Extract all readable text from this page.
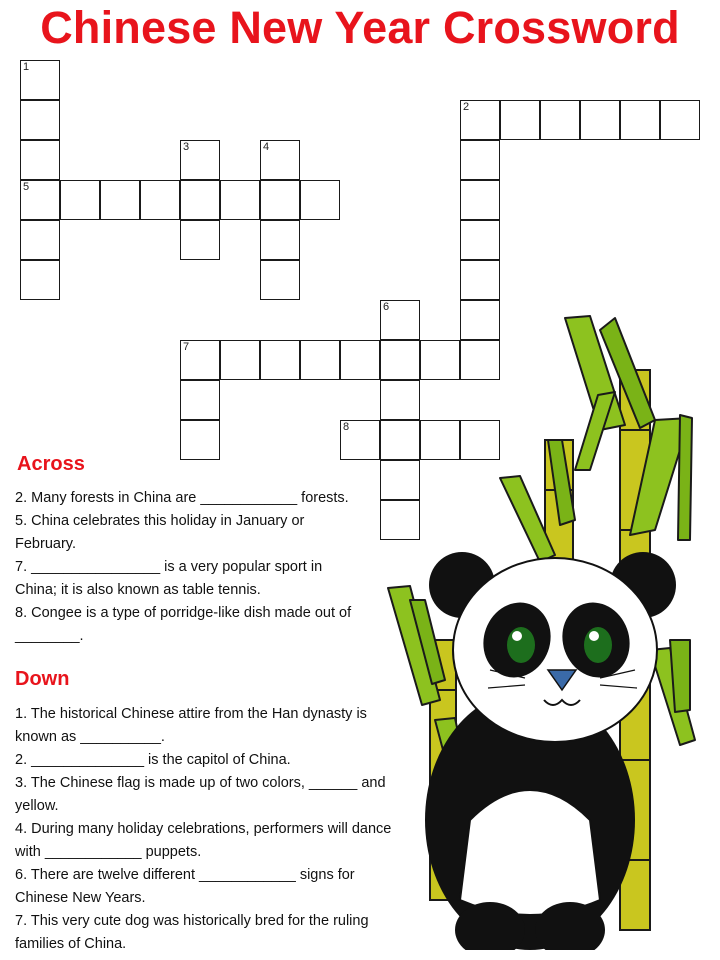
Chinese New Year Crossword
2
5
7
8
1
3	4
6
Across

2. Many forests in China are ____________ forests.

5. China celebrates this holiday in January or February.

7. ________________ is a very popular sport in China; it is also known as table tennis.

8. Congee is a type of porridge-like dish made out of ________.

Down

1. The historical Chinese attire from the Han dynasty is known as __________.

2. ______________ is the capitol of China.

3. The Chinese flag is made up of two colors, ______ and yellow.

4. During many holiday celebrations, performers will dance with ____________ puppets.

6. There are twelve different ____________ signs for Chinese New Years.

7. This very cute dog was historically bred for the ruling families of China.
